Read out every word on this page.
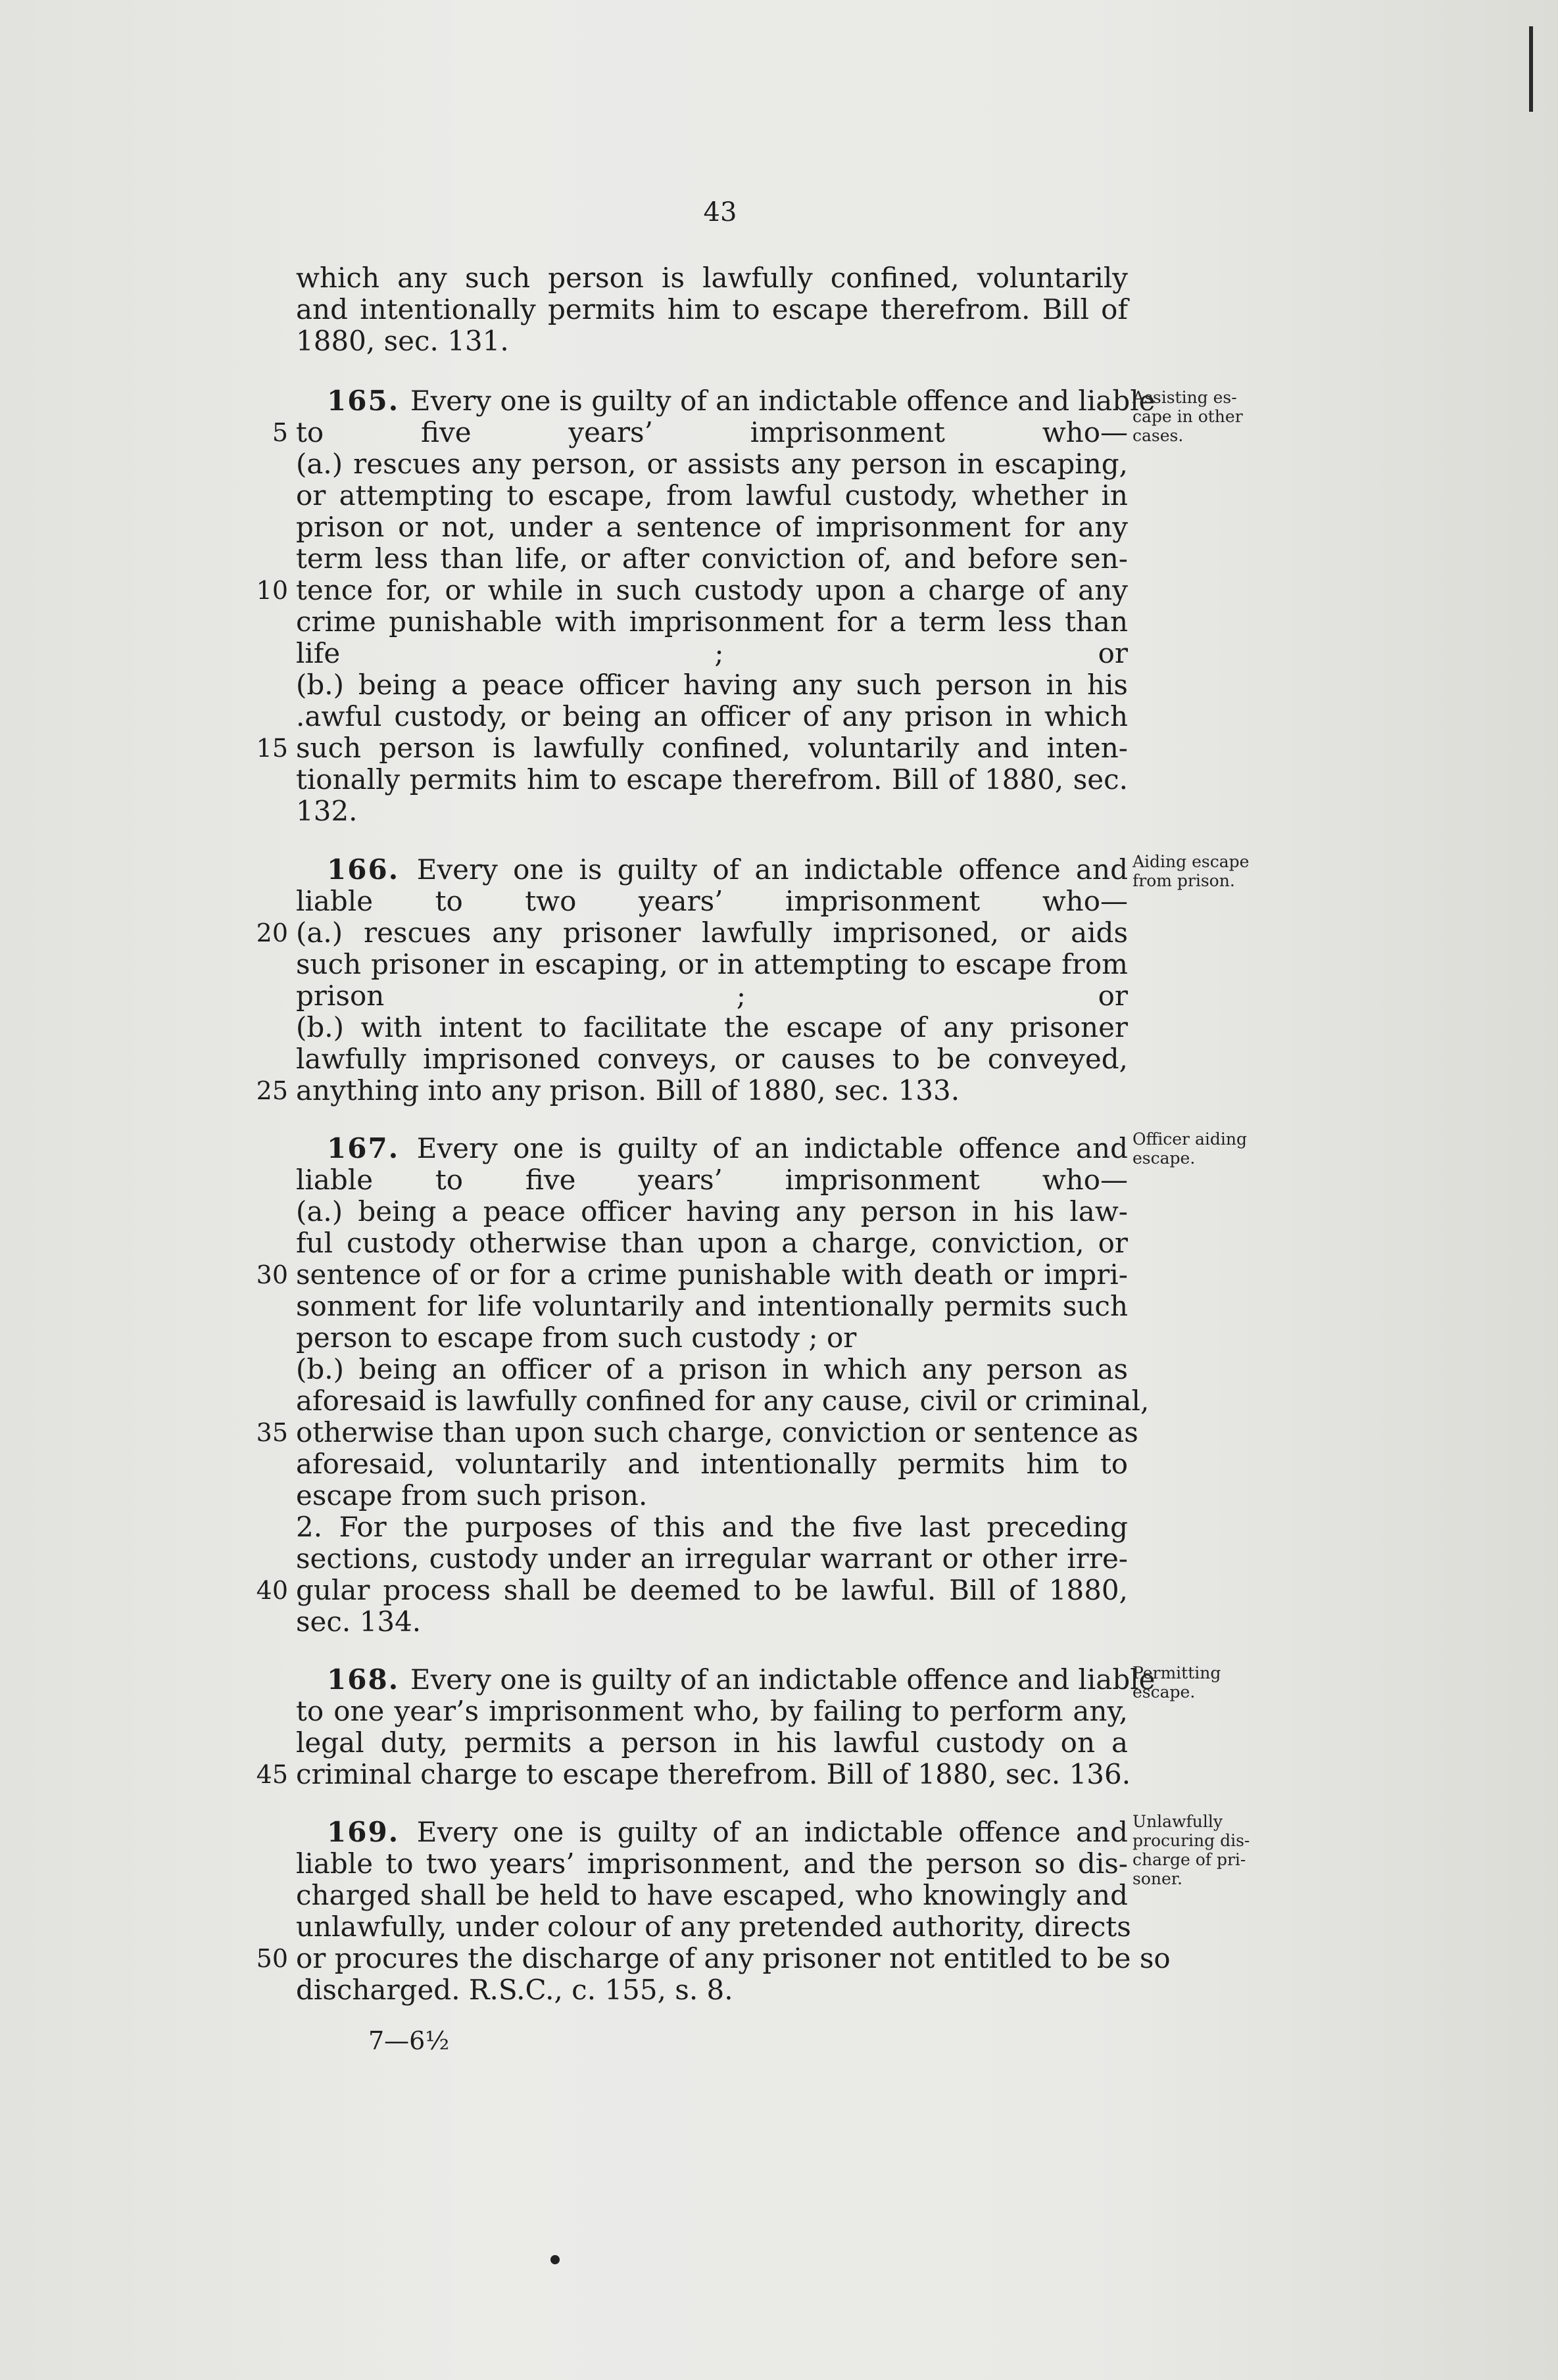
43
which any such person is lawfully confined, voluntarily
and intentionally permits him to escape therefrom. Bill of
1880, sec. 131.
165. Every one is guilty of an indictable offence and liable
to five years’ imprisonment who—
5
(a.) rescues any person, or assists any person in escaping,
or attempting to escape, from lawful custody, whether in
prison or not, under a sentence of imprisonment for any
term less than life, or after conviction of, and before sen-
tence for, or while in such custody upon a charge of any
10
crime punishable with imprisonment for a term less than
life ; or
(b.) being a peace officer having any such person in his
.awful custody, or being an officer of any prison in which
such person is lawfully confined, voluntarily and inten-
15
tionally permits him to escape therefrom. Bill of 1880, sec.
132.
166. Every one is guilty of an indictable offence and
liable to two years’ imprisonment who—
(a.) rescues any prisoner lawfully imprisoned, or aids
20
such prisoner in escaping, or in attempting to escape from
prison ; or
(b.) with intent to facilitate the escape of any prisoner
lawfully imprisoned conveys, or causes to be conveyed,
anything into any prison. Bill of 1880, sec. 133.
25
167. Every one is guilty of an indictable offence and
liable to five years’ imprisonment who—
(a.) being a peace officer having any person in his law-
ful custody otherwise than upon a charge, conviction, or
sentence of or for a crime punishable with death or impri-
30
sonment for life voluntarily and intentionally permits such
person to escape from such custody ; or
(b.) being an officer of a prison in which any person as
aforesaid is lawfully confined for any cause, civil or criminal,
otherwise than upon such charge, conviction or sentence as
35
aforesaid, voluntarily and intentionally permits him to
escape from such prison.
2. For the purposes of this and the five last preceding
sections, custody under an irregular warrant or other irre-
gular process shall be deemed to be lawful. Bill of 1880,
40
sec. 134.
168. Every one is guilty of an indictable offence and liable
to one year’s imprisonment who, by failing to perform any,
legal duty, permits a person in his lawful custody on a
criminal charge to escape therefrom. Bill of 1880, sec. 136.
45
169. Every one is guilty of an indictable offence and
liable to two years’ imprisonment, and the person so dis-
charged shall be held to have escaped, who knowingly and
unlawfully, under colour of any pretended authority, directs
or procures the discharge of any prisoner not entitled to be so
50
discharged. R.S.C., c. 155, s. 8.
Assisting es-
cape in other
cases.
Aiding escape
from prison.
Officer aiding
escape.
Permitting
escape.
Unlawfully
procuring dis-
charge of pri-
soner.
7—6½
